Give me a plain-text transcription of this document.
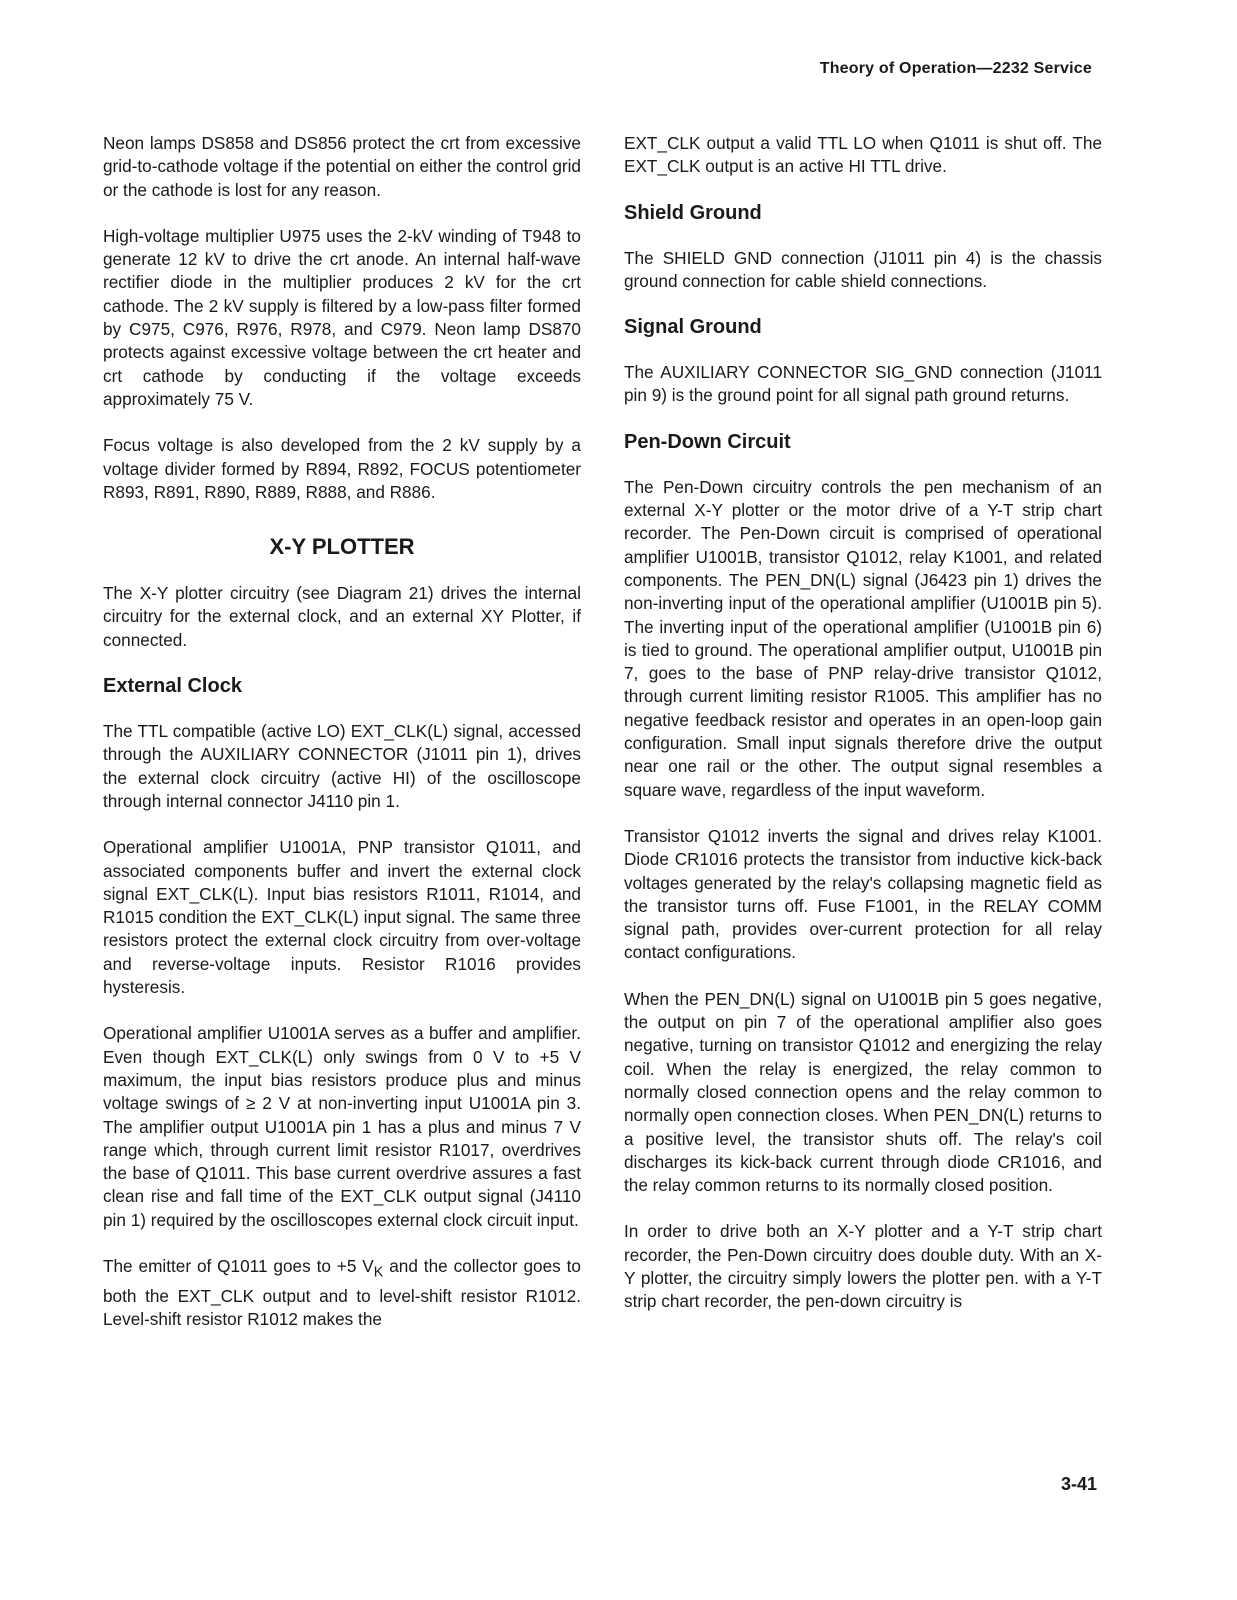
Theory of Operation—2232 Service

Neon lamps DS858 and DS856 protect the crt from excessive grid-to-cathode voltage if the potential on either the control grid or the cathode is lost for any reason.

High-voltage multiplier U975 uses the 2-kV winding of T948 to generate 12 kV to drive the crt anode. An internal half-wave rectifier diode in the multiplier produces 2 kV for the crt cathode. The 2 kV supply is filtered by a low-pass filter formed by C975, C976, R976, R978, and C979. Neon lamp DS870 protects against excessive voltage between the crt heater and crt cathode by conducting if the voltage exceeds approximately 75 V.

Focus voltage is also developed from the 2 kV supply by a voltage divider formed by R894, R892, FOCUS potentiometer R893, R891, R890, R889, R888, and R886.

X-Y PLOTTER

The X-Y plotter circuitry (see Diagram 21) drives the internal circuitry for the external clock, and an external XY Plotter, if connected.

External Clock

The TTL compatible (active LO) EXT_CLK(L) signal, accessed through the AUXILIARY CONNECTOR (J1011 pin 1), drives the external clock circuitry (active HI) of the oscilloscope through internal connector J4110 pin 1.

Operational amplifier U1001A, PNP transistor Q1011, and associated components buffer and invert the external clock signal EXT_CLK(L). Input bias resistors R1011, R1014, and R1015 condition the EXT_CLK(L) input signal. The same three resistors protect the external clock circuitry from over-voltage and reverse-voltage inputs. Resistor R1016 provides hysteresis.

Operational amplifier U1001A serves as a buffer and amplifier. Even though EXT_CLK(L) only swings from 0 V to +5 V maximum, the input bias resistors produce plus and minus voltage swings of ≥ 2 V at non-inverting input U1001A pin 3. The amplifier output U1001A pin 1 has a plus and minus 7 V range which, through current limit resistor R1017, overdrives the base of Q1011. This base current overdrive assures a fast clean rise and fall time of the EXT_CLK output signal (J4110 pin 1) required by the oscilloscopes external clock circuit input.

The emitter of Q1011 goes to +5 $V_K$ and the collector goes to both the EXT_CLK output and to level-shift resistor R1012. Level-shift resistor R1012 makes the

EXT_CLK output a valid TTL LO when Q1011 is shut off. The EXT_CLK output is an active HI TTL drive.

Shield Ground

The SHIELD GND connection (J1011 pin 4) is the chassis ground connection for cable shield connections.

Signal Ground

The AUXILIARY CONNECTOR SIG_GND connection (J1011 pin 9) is the ground point for all signal path ground returns.

Pen-Down Circuit

The Pen-Down circuitry controls the pen mechanism of an external X-Y plotter or the motor drive of a Y-T strip chart recorder. The Pen-Down circuit is comprised of operational amplifier U1001B, transistor Q1012, relay K1001, and related components. The PEN_DN(L) signal (J6423 pin 1) drives the non-inverting input of the operational amplifier (U1001B pin 5). The inverting input of the operational amplifier (U1001B pin 6) is tied to ground. The operational amplifier output, U1001B pin 7, goes to the base of PNP relay-drive transistor Q1012, through current limiting resistor R1005. This amplifier has no negative feedback resistor and operates in an open-loop gain configuration. Small input signals therefore drive the output near one rail or the other. The output signal resembles a square wave, regardless of the input waveform.

Transistor Q1012 inverts the signal and drives relay K1001. Diode CR1016 protects the transistor from inductive kick-back voltages generated by the relay's collapsing magnetic field as the transistor turns off. Fuse F1001, in the RELAY COMM signal path, provides over-current protection for all relay contact configurations.

When the PEN_DN(L) signal on U1001B pin 5 goes negative, the output on pin 7 of the operational amplifier also goes negative, turning on transistor Q1012 and energizing the relay coil. When the relay is energized, the relay common to normally closed connection opens and the relay common to normally open connection closes. When PEN_DN(L) returns to a positive level, the transistor shuts off. The relay's coil discharges its kick-back current through diode CR1016, and the relay common returns to its normally closed position.

In order to drive both an X-Y plotter and a Y-T strip chart recorder, the Pen-Down circuitry does double duty. With an X-Y plotter, the circuitry simply lowers the plotter pen. with a Y-T strip chart recorder, the pen-down circuitry is

3-41
